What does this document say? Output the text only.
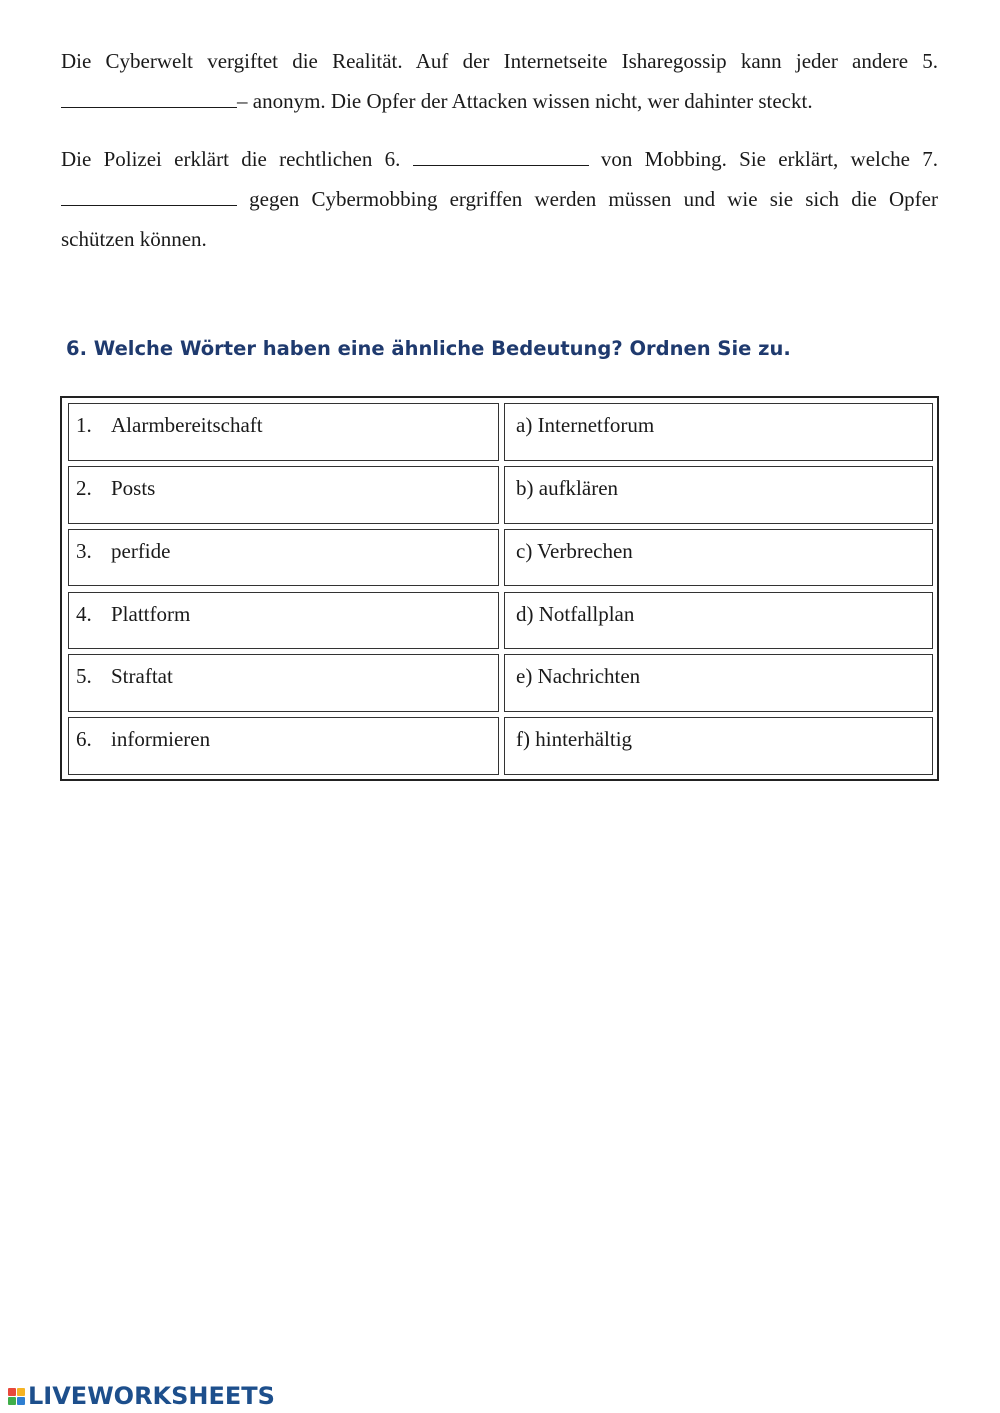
Die Cyberwelt vergiftet die Realität. Auf der Internetseite Isharegossip kann jeder andere 5. – anonym. Die Opfer der Attacken wissen nicht, wer dahinter steckt.

Die Polizei erklärt die rechtlichen 6.	von Mobbing. Sie erklärt, welche 7.  gegen Cybermobbing ergriffen werden müssen und wie sie sich die Opfer schützen können.

6. Welche Wörter haben eine ähnliche Bedeutung? Ordnen Sie zu.
1. Alarmbereitschaft	a) Internetforum
2. Posts	b) aufklären
3. perfide	c) Verbrechen
4. Plattform	d) Notfallplan
5. Straftat	e) Nachrichten
6. informieren	f) hinterhältig
LIVEWORKSHEETS
